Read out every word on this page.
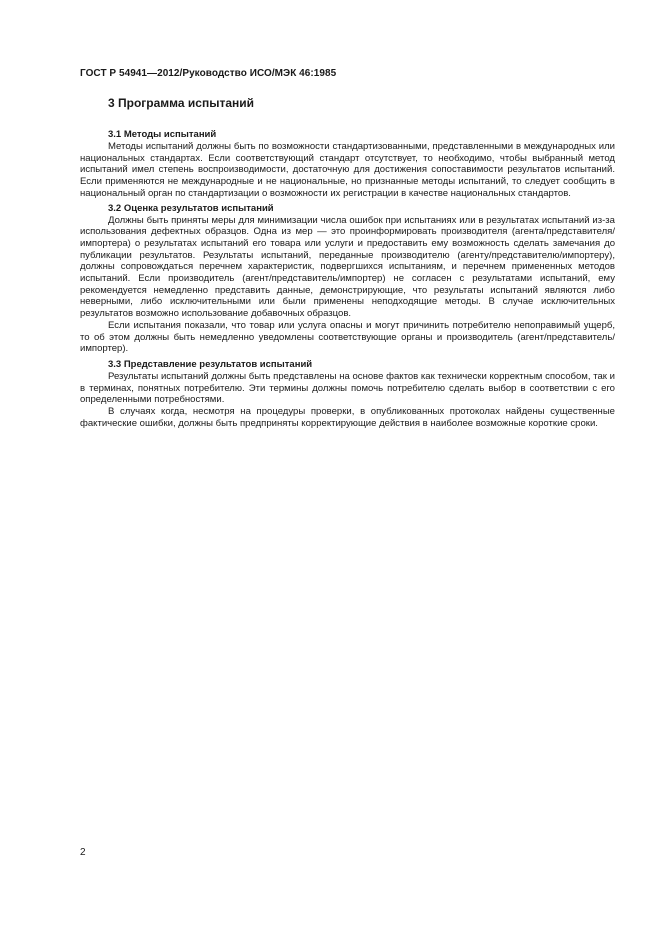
ГОСТ Р 54941—2012/Руководство ИСО/МЭК 46:1985
3 Программа испытаний
3.1 Методы испытаний

Методы испытаний должны быть по возможности стандартизованными, представленными в международных или национальных стандартах. Если соответствующий стандарт отсутствует, то необходимо, чтобы выбранный метод испытаний имел степень воспроизводимости, достаточную для достижения сопоставимости результатов испытаний. Если применяются не международные и не национальные, но признанные методы испытаний, то следует сообщить в национальный орган по стандартизации о возможности их регистрации в качестве национальных стандартов.

3.2 Оценка результатов испытаний

Должны быть приняты меры для минимизации числа ошибок при испытаниях или в результатах испытаний из-за использования дефектных образцов. Одна из мер — это проинформировать производителя (агента/представителя/импортера) о результатах испытаний его товара или услуги и предоставить ему возможность сделать замечания до публикации результатов. Результаты испытаний, переданные производителю (агенту/представителю/импортеру), должны сопровождаться перечнем характеристик, подвергшихся испытаниям, и перечнем примененных методов испытаний. Если производитель (агент/представитель/импортер) не согласен с результатами испытаний, ему рекомендуется немедленно представить данные, демонстрирующие, что результаты испытаний являются либо неверными, либо исключительными или были применены неподходящие методы. В случае исключительных результатов возможно использование добавочных образцов.

Если испытания показали, что товар или услуга опасны и могут причинить потребителю непоправимый ущерб, то об этом должны быть немедленно уведомлены соответствующие органы и производитель (агент/представитель/импортер).

3.3 Представление результатов испытаний

Результаты испытаний должны быть представлены на основе фактов как технически корректным способом, так и в терминах, понятных потребителю. Эти термины должны помочь потребителю сделать выбор в соответствии с его определенными потребностями.

В случаях когда, несмотря на процедуры проверки, в опубликованных протоколах найдены существенные фактические ошибки, должны быть предприняты корректирующие действия в наиболее возможные короткие сроки.

2
